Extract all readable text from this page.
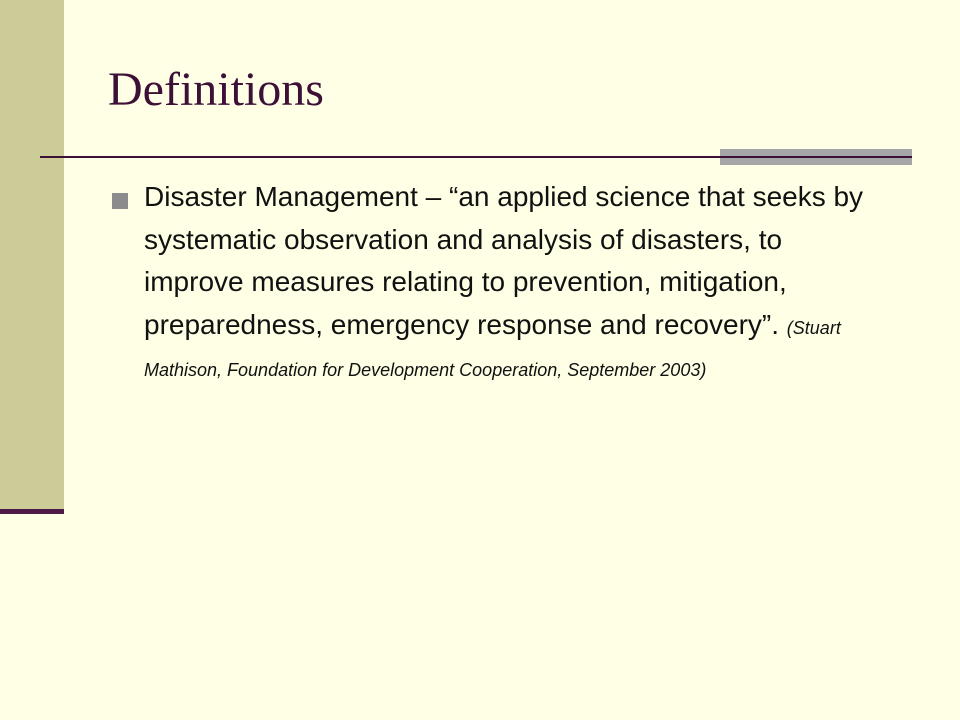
Definitions
Disaster Management – “an applied science that seeks by systematic observation and analysis of disasters, to improve measures relating to prevention, mitigation, preparedness, emergency response and recovery”. (Stuart Mathison, Foundation for Development Cooperation, September 2003)
